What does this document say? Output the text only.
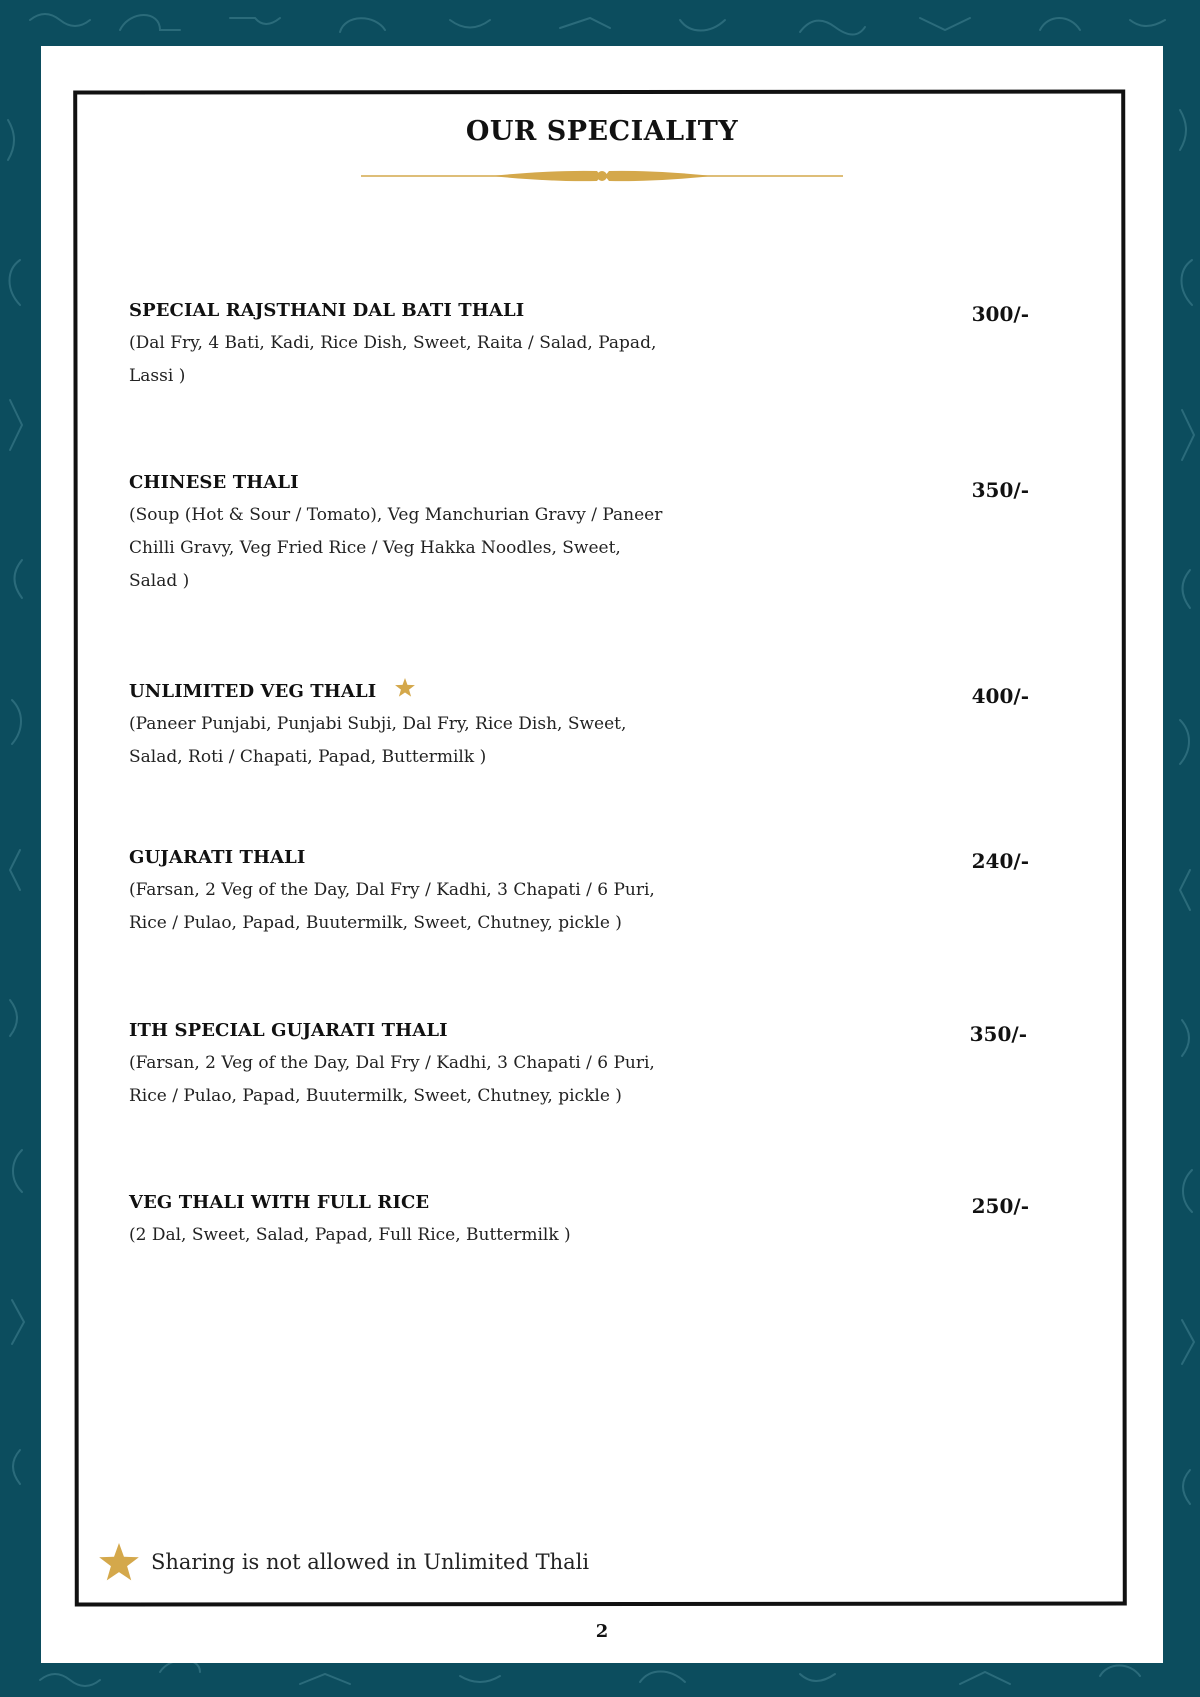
OUR SPECIALITY
SPECIAL RAJSTHANI DAL BATI THALI
(Dal Fry, 4 Bati, Kadi, Rice Dish, Sweet, Raita / Salad, Papad, Lassi )
300/-
CHINESE THALI
(Soup (Hot & Sour / Tomato), Veg Manchurian Gravy / Paneer Chilli Gravy, Veg Fried Rice / Veg Hakka Noodles, Sweet, Salad )
350/-
UNLIMITED VEG THALI
(Paneer Punjabi, Punjabi Subji, Dal Fry, Rice Dish, Sweet, Salad, Roti / Chapati, Papad, Buttermilk )
400/-
GUJARATI THALI
(Farsan, 2 Veg of the Day, Dal Fry / Kadhi, 3 Chapati / 6 Puri, Rice / Pulao, Papad, Buutermilk, Sweet, Chutney, pickle )
240/-
ITH SPECIAL GUJARATI THALI
(Farsan, 2 Veg of the Day, Dal Fry / Kadhi, 3 Chapati / 6 Puri, Rice / Pulao, Papad, Buutermilk, Sweet, Chutney, pickle )
350/-
VEG THALI WITH FULL RICE
(2 Dal, Sweet, Salad, Papad, Full Rice, Buttermilk )
250/-
Sharing is not allowed in Unlimited Thali
2
